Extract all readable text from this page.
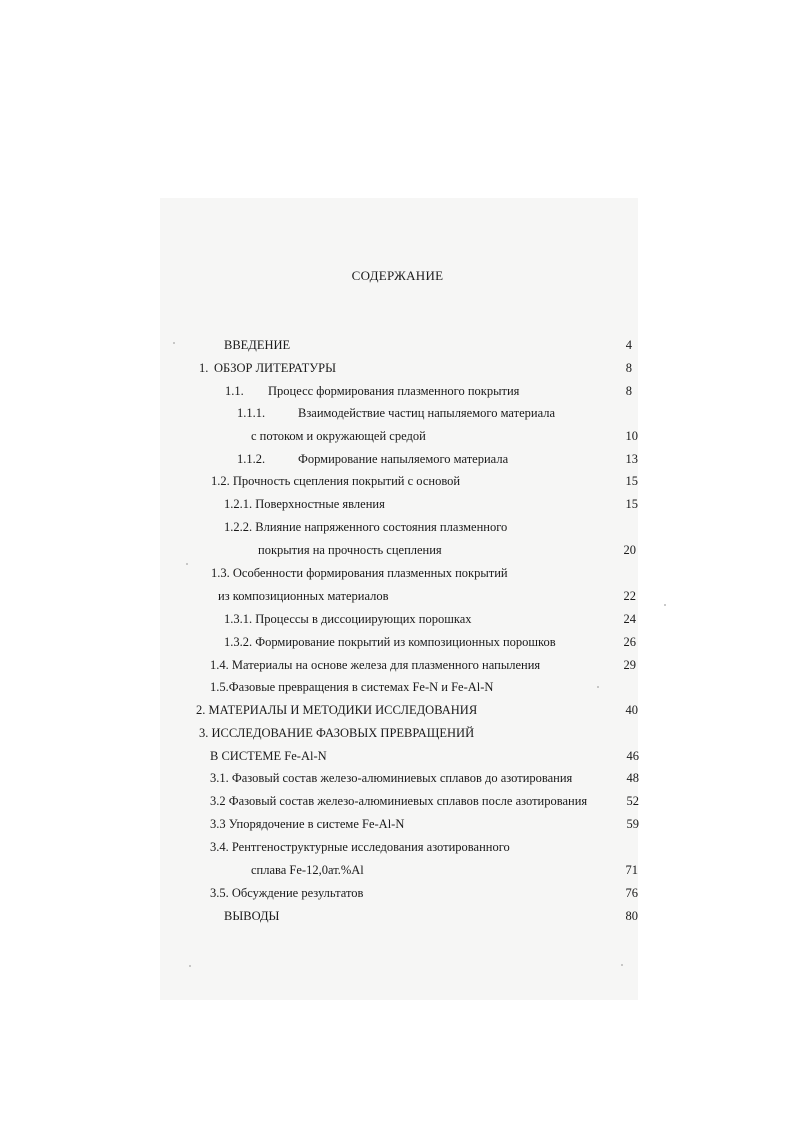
СОДЕРЖАНИЕ
ВВЕДЕНИЕ	4
1. ОБЗОР ЛИТЕРАТУРЫ	8
1.1. Процесс формирования плазменного покрытия	8
1.1.1.	Взаимодействие частиц напыляемого материала
с потоком и окружающей средой	10
1.1.2.	Формирование напыляемого материала	13
1.2. Прочность сцепления покрытий с основой	15
1.2.1. Поверхностные явления	15
1.2.2. Влияние напряженного состояния плазменного
покрытия на прочность сцепления	20
1.3. Особенности формирования плазменных покрытий
из композиционных материалов	22
1.3.1. Процессы в диссоциирующих порошках	24
1.3.2. Формирование покрытий из композиционных порошков	26
1.4. Материалы на основе железа для плазменного напыления	29
1.5.Фазовые превращения в системах Fe-N и Fe-Al-N
2. МАТЕРИАЛЫ И МЕТОДИКИ ИССЛЕДОВАНИЯ	40
3. ИССЛЕДОВАНИЕ ФАЗОВЫХ ПРЕВРАЩЕНИЙ
В СИСТЕМЕ Fe-Al-N	46
3.1. Фазовый состав железо-алюминиевых сплавов до азотирования	48
3.2 Фазовый состав железо-алюминиевых сплавов после азотирования	52
3.3 Упорядочение в системе Fe-Al-N	59
3.4. Рентгеноструктурные исследования азотированного
сплава Fe-12,0ат.%Al	71
3.5. Обсуждение результатов	76
ВЫВОДЫ	80
